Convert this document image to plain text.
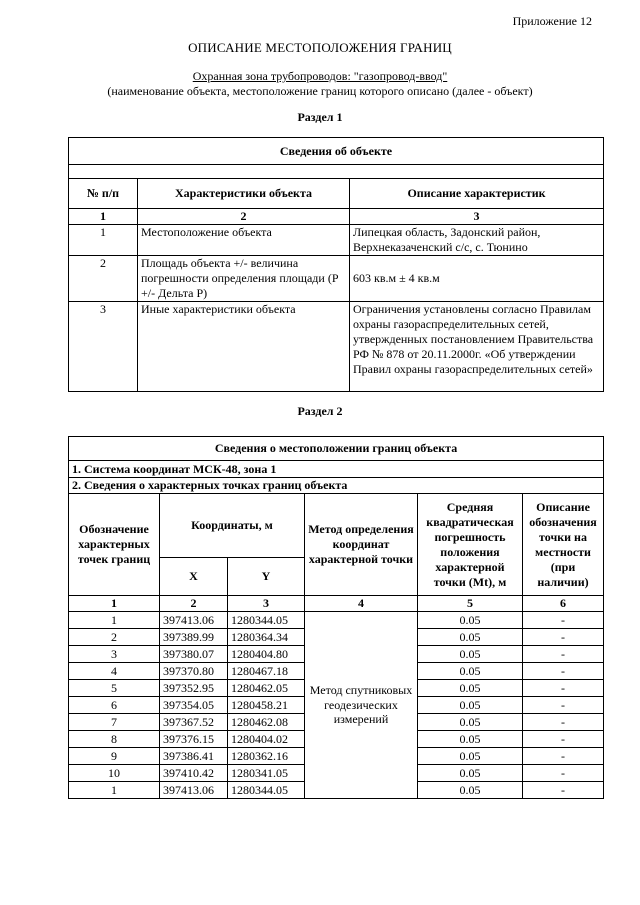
Приложение 12
ОПИСАНИЕ МЕСТОПОЛОЖЕНИЯ ГРАНИЦ
Охранная зона трубопроводов: "газопровод-ввод"
(наименование объекта, местоположение границ которого описано (далее - объект)
Раздел 1
Сведения об объекте		

№ п/п	Характеристики объекта	Описание характеристик
1	2	3
1	Местоположение объекта	Липецкая область, Задонский район, Верхнеказаченский с/с, с. Тюнино
2	Площадь объекта +/- величина погрешности определения площади (Р +/- Дельта Р)	603 кв.м ± 4 кв.м
3	Иные характеристики объекта	Ограничения установлены согласно Правилам охраны газораспределительных сетей, утвержденных постановлением Правительства РФ № 878 от 20.11.2000г. «Об утверждении Правил охраны газораспределительных сетей»
Раздел 2
Сведения о местоположении границ объекта					
1. Система координат МСК-48, зона 1					
2. Сведения о характерных точках границ объекта					
Обозначение характерных точек границ	Координаты, м		Метод определения координат характерной точки	Средняя квадратическая погрешность положения характерной точки (Mt), м	Описание обозначения точки на местности (при наличии)
	X	Y			
1	2	3	4	5	6
1	397413.06	1280344.05	Метод спутниковых геодезических измерений	0.05	-
2	397389.99	1280364.34		0.05	-
3	397380.07	1280404.80		0.05	-
4	397370.80	1280467.18		0.05	-
5	397352.95	1280462.05		0.05	-
6	397354.05	1280458.21		0.05	-
7	397367.52	1280462.08		0.05	-
8	397376.15	1280404.02		0.05	-
9	397386.41	1280362.16		0.05	-
10	397410.42	1280341.05		0.05	-
1	397413.06	1280344.05		0.05	-
